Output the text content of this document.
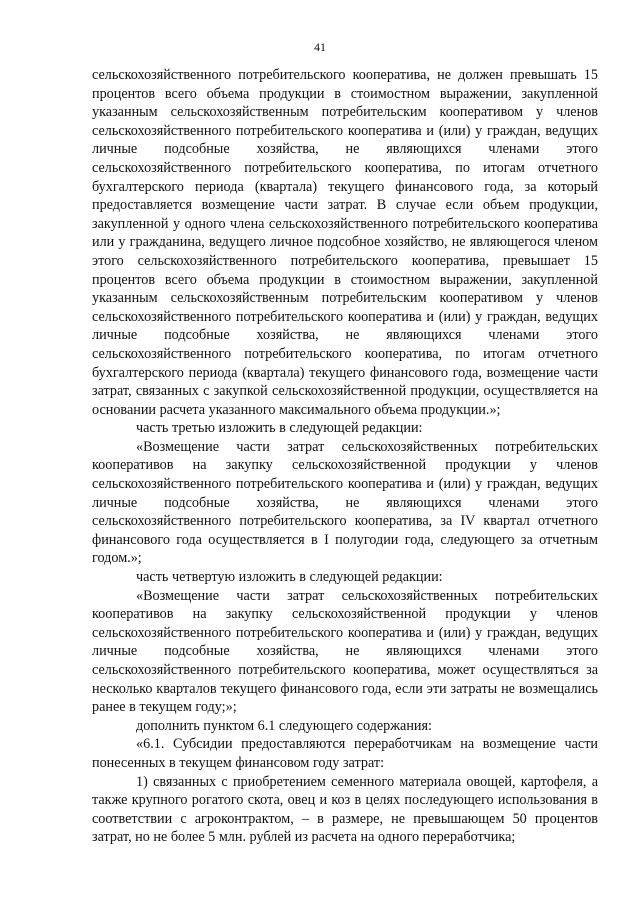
41

сельскохозяйственного потребительского кооператива, не должен превышать 15 процентов всего объема продукции в стоимостном выражении, закупленной указанным сельскохозяйственным потребительским кооперативом у членов сельскохозяйственного потребительского кооператива и (или) у граждан, ведущих личные подсобные хозяйства, не являющихся членами этого сельскохозяйственного потребительского кооператива, по итогам отчетного бухгалтерского периода (квартала) текущего финансового года, за который предоставляется возмещение части затрат. В случае если объем продукции, закупленной у одного члена сельскохозяйственного потребительского кооператива или у гражданина, ведущего личное подсобное хозяйство, не являющегося членом этого сельскохозяйственного потребительского кооператива, превышает 15 процентов всего объема продукции в стоимостном выражении, закупленной указанным сельскохозяйственным потребительским кооперативом у членов сельскохозяйственного потребительского кооператива и (или) у граждан, ведущих личные подсобные хозяйства, не являющихся членами этого сельскохозяйственного потребительского кооператива, по итогам отчетного бухгалтерского периода (квартала) текущего финансового года, возмещение части затрат, связанных с закупкой сельскохозяйственной продукции, осуществляется на основании расчета указанного максимального объема продукции.»;

часть третью изложить в следующей редакции:

«Возмещение части затрат сельскохозяйственных потребительских кооперативов на закупку сельскохозяйственной продукции у членов сельскохозяйственного потребительского кооператива и (или) у граждан, ведущих личные подсобные хозяйства, не являющихся членами этого сельскохозяйственного потребительского кооператива, за IV квартал отчетного финансового года осуществляется в I полугодии года, следующего за отчетным годом.»;

часть четвертую изложить в следующей редакции:

«Возмещение части затрат сельскохозяйственных потребительских кооперативов на закупку сельскохозяйственной продукции у членов сельскохозяйственного потребительского кооператива и (или) у граждан, ведущих личные подсобные хозяйства, не являющихся членами этого сельскохозяйственного потребительского кооператива, может осуществляться за несколько кварталов текущего финансового года, если эти затраты не возмещались ранее в текущем году;»;

дополнить пунктом 6.1 следующего содержания:

«6.1. Субсидии предоставляются переработчикам на возмещение части понесенных в текущем финансовом году затрат:

1) связанных с приобретением семенного материала овощей, картофеля, а также крупного рогатого скота, овец и коз в целях последующего использования в соответствии с агроконтрактом, – в размере, не превышающем 50 процентов затрат, но не более 5 млн. рублей из расчета на одного переработчика;
